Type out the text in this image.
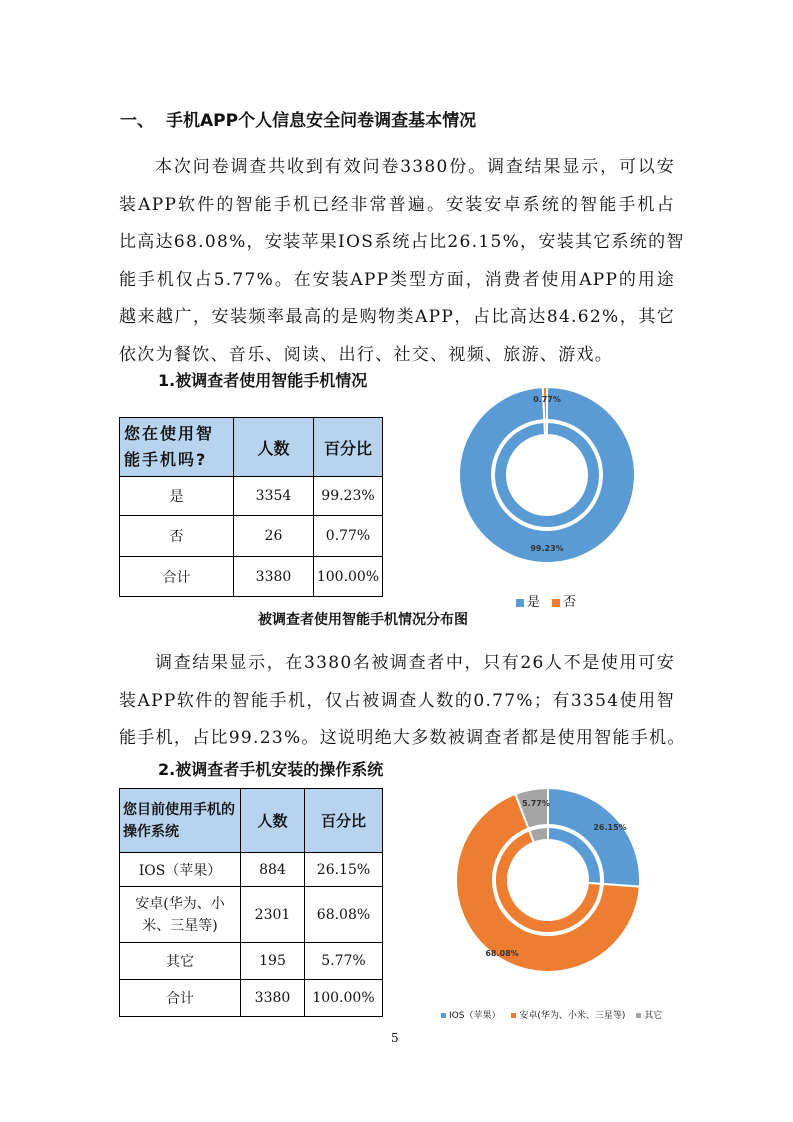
一、 手机APP个人信息安全问卷调查基本情况
本次问卷调查共收到有效问卷3380份。调查结果显示，可以安
装APP软件的智能手机已经非常普遍。安装安卓系统的智能手机占
比高达68.08%，安装苹果IOS系统占比26.15%，安装其它系统的智
能手机仅占5.77%。在安装APP类型方面，消费者使用APP的用途
越来越广，安装频率最高的是购物类APP，占比高达84.62%，其它
依次为餐饮、音乐、阅读、出行、社交、视频、旅游、游戏。
1.被调查者使用智能手机情况
您在使用智能手机吗?	人数	百分比
是	3354	99.23%
否	26	0.77%
合计	3380	100.00%
99.23%
0.77%
是 否
被调查者使用智能手机情况分布图
调查结果显示，在3380名被调查者中，只有26人不是使用可安
装APP软件的智能手机，仅占被调查人数的0.77%；有3354使用智
能手机，占比99.23%。这说明绝大多数被调查者都是使用智能手机。
2.被调查者手机安装的操作系统
您目前使用手机的操作系统	人数	百分比
IOS（苹果）	884	26.15%
安卓(华为、小米、三星等)	2301	68.08%
其它	195	5.77%
合计	3380	100.00%
26.15%
68.08%
5.77%
IOS（苹果） 安卓(华为、小米、三星等) 其它
5
